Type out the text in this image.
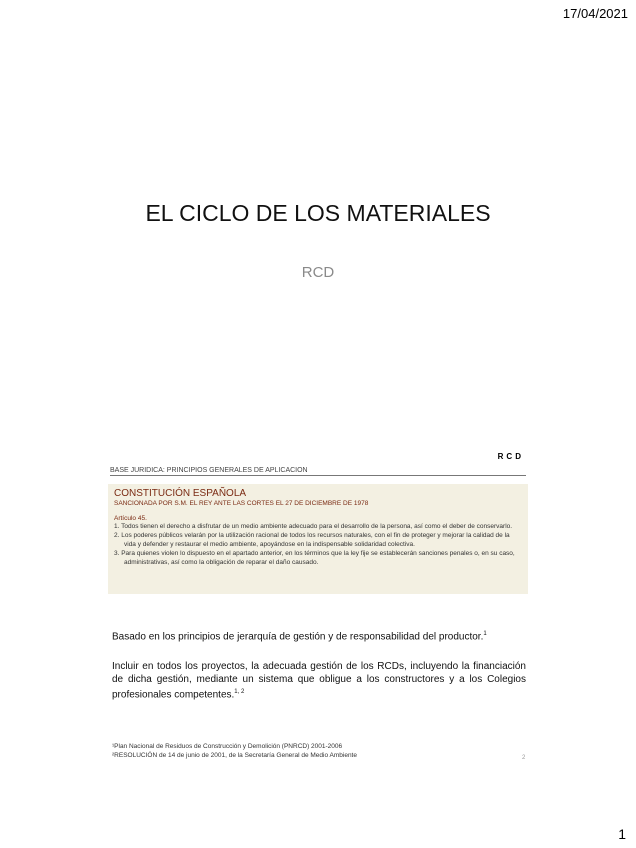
17/04/2021
EL CICLO DE LOS MATERIALES
RCD
RCD
BASE JURÍDICA: PRINCIPIOS GENERALES DE APLICACIÓN
CONSTITUCIÓN ESPAÑOLA
SANCIONADA POR S.M. EL REY ANTE LAS CORTES EL 27 DE DICIEMBRE DE 1978
Artículo 45.
1. Todos tienen el derecho a disfrutar de un medio ambiente adecuado para el desarrollo de la persona, así como el deber de conservarlo.
2. Los poderes públicos velarán por la utilización racional de todos los recursos naturales, con el fin de proteger y mejorar la calidad de la vida y defender y restaurar el medio ambiente, apoyándose en la indispensable solidaridad colectiva.
3. Para quienes violen lo dispuesto en el apartado anterior, en los términos que la ley fije se establecerán sanciones penales o, en su caso, administrativas, así como la obligación de reparar el daño causado.
Basado en los principios de jerarquía de gestión y de responsabilidad del productor.$^1$
Incluir en todos los proyectos, la adecuada gestión de los RCDs, incluyendo la financiación de dicha gestión, mediante un sistema que obligue a los constructores y a los Colegios profesionales competentes.$^{1, 2}$
¹Plan Nacional de Residuos de Construcción y Demolición (PNRCD) 2001-2006
²RESOLUCIÓN de 14 de junio de 2001, de la Secretaría General de Medio Ambiente	2
1
